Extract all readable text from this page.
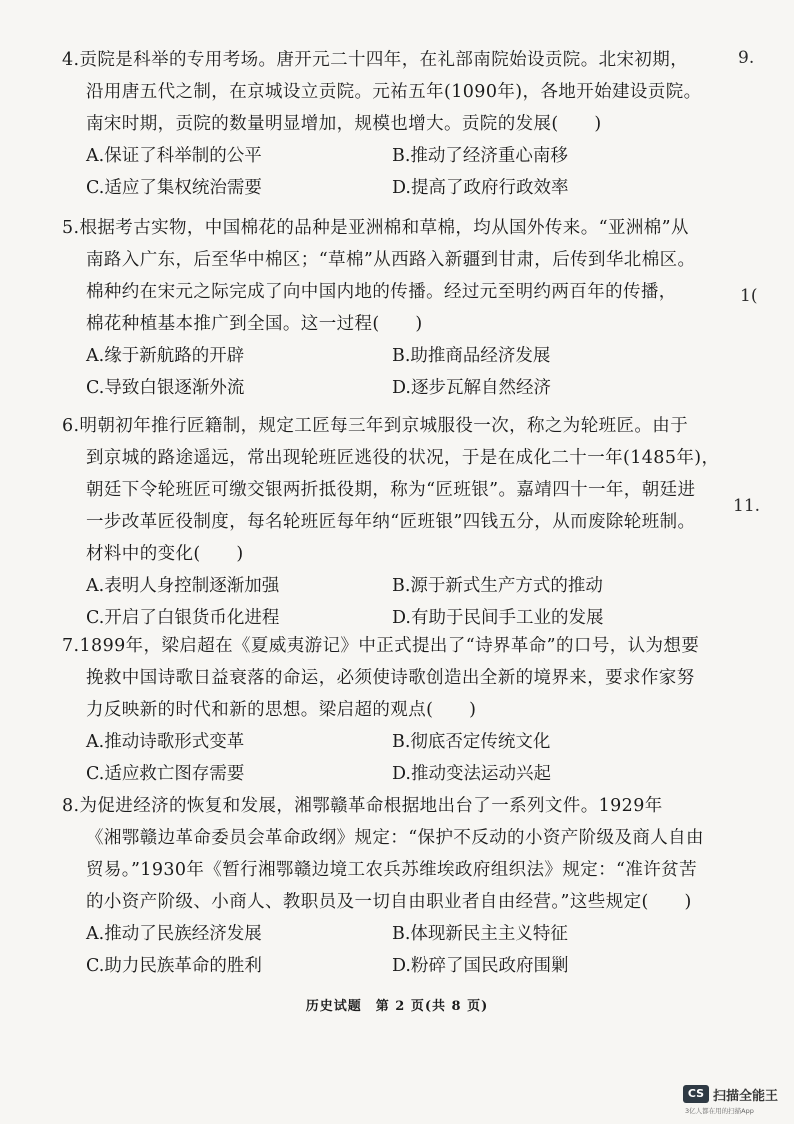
4.贡院是科举的专用考场。唐开元二十四年，在礼部南院始设贡院。北宋初期，
沿用唐五代之制，在京城设立贡院。元祐五年(1090年)，各地开始建设贡院。
南宋时期，贡院的数量明显增加，规模也增大。贡院的发展(　　)
A.保证了科举制的公平	B.推动了经济重心南移
C.适应了集权统治需要	D.提高了政府行政效率
5.根据考古实物，中国棉花的品种是亚洲棉和草棉，均从国外传来。“亚洲棉”从
南路入广东，后至华中棉区；“草棉”从西路入新疆到甘肃，后传到华北棉区。
棉种约在宋元之际完成了向中国内地的传播。经过元至明约两百年的传播，
棉花种植基本推广到全国。这一过程(　　)
A.缘于新航路的开辟	B.助推商品经济发展
C.导致白银逐渐外流	D.逐步瓦解自然经济
6.明朝初年推行匠籍制，规定工匠每三年到京城服役一次，称之为轮班匠。由于
到京城的路途遥远，常出现轮班匠逃役的状况，于是在成化二十一年(1485年)，
朝廷下令轮班匠可缴交银两折抵役期，称为“匠班银”。嘉靖四十一年，朝廷进
一步改革匠役制度，每名轮班匠每年纳“匠班银”四钱五分，从而废除轮班制。
材料中的变化(　　)
A.表明人身控制逐渐加强	B.源于新式生产方式的推动
C.开启了白银货币化进程	D.有助于民间手工业的发展
7.1899年，梁启超在《夏威夷游记》中正式提出了“诗界革命”的口号，认为想要
挽救中国诗歌日益衰落的命运，必须使诗歌创造出全新的境界来，要求作家努
力反映新的时代和新的思想。梁启超的观点(　　)
A.推动诗歌形式变革	B.彻底否定传统文化
C.适应救亡图存需要	D.推动变法运动兴起
8.为促进经济的恢复和发展，湘鄂赣革命根据地出台了一系列文件。1929年
《湘鄂赣边革命委员会革命政纲》规定：“保护不反动的小资产阶级及商人自由
贸易。”1930年《暂行湘鄂赣边境工农兵苏维埃政府组织法》规定：“准许贫苦
的小资产阶级、小商人、教职员及一切自由职业者自由经营。”这些规定(　　)
A.推动了民族经济发展	B.体现新民主主义特征
C.助力民族革命的胜利	D.粉碎了国民政府围剿
9.
1(
11.
历史试题　第 2 页(共 8 页)
CS 扫描全能王
3亿人都在用的扫描App
